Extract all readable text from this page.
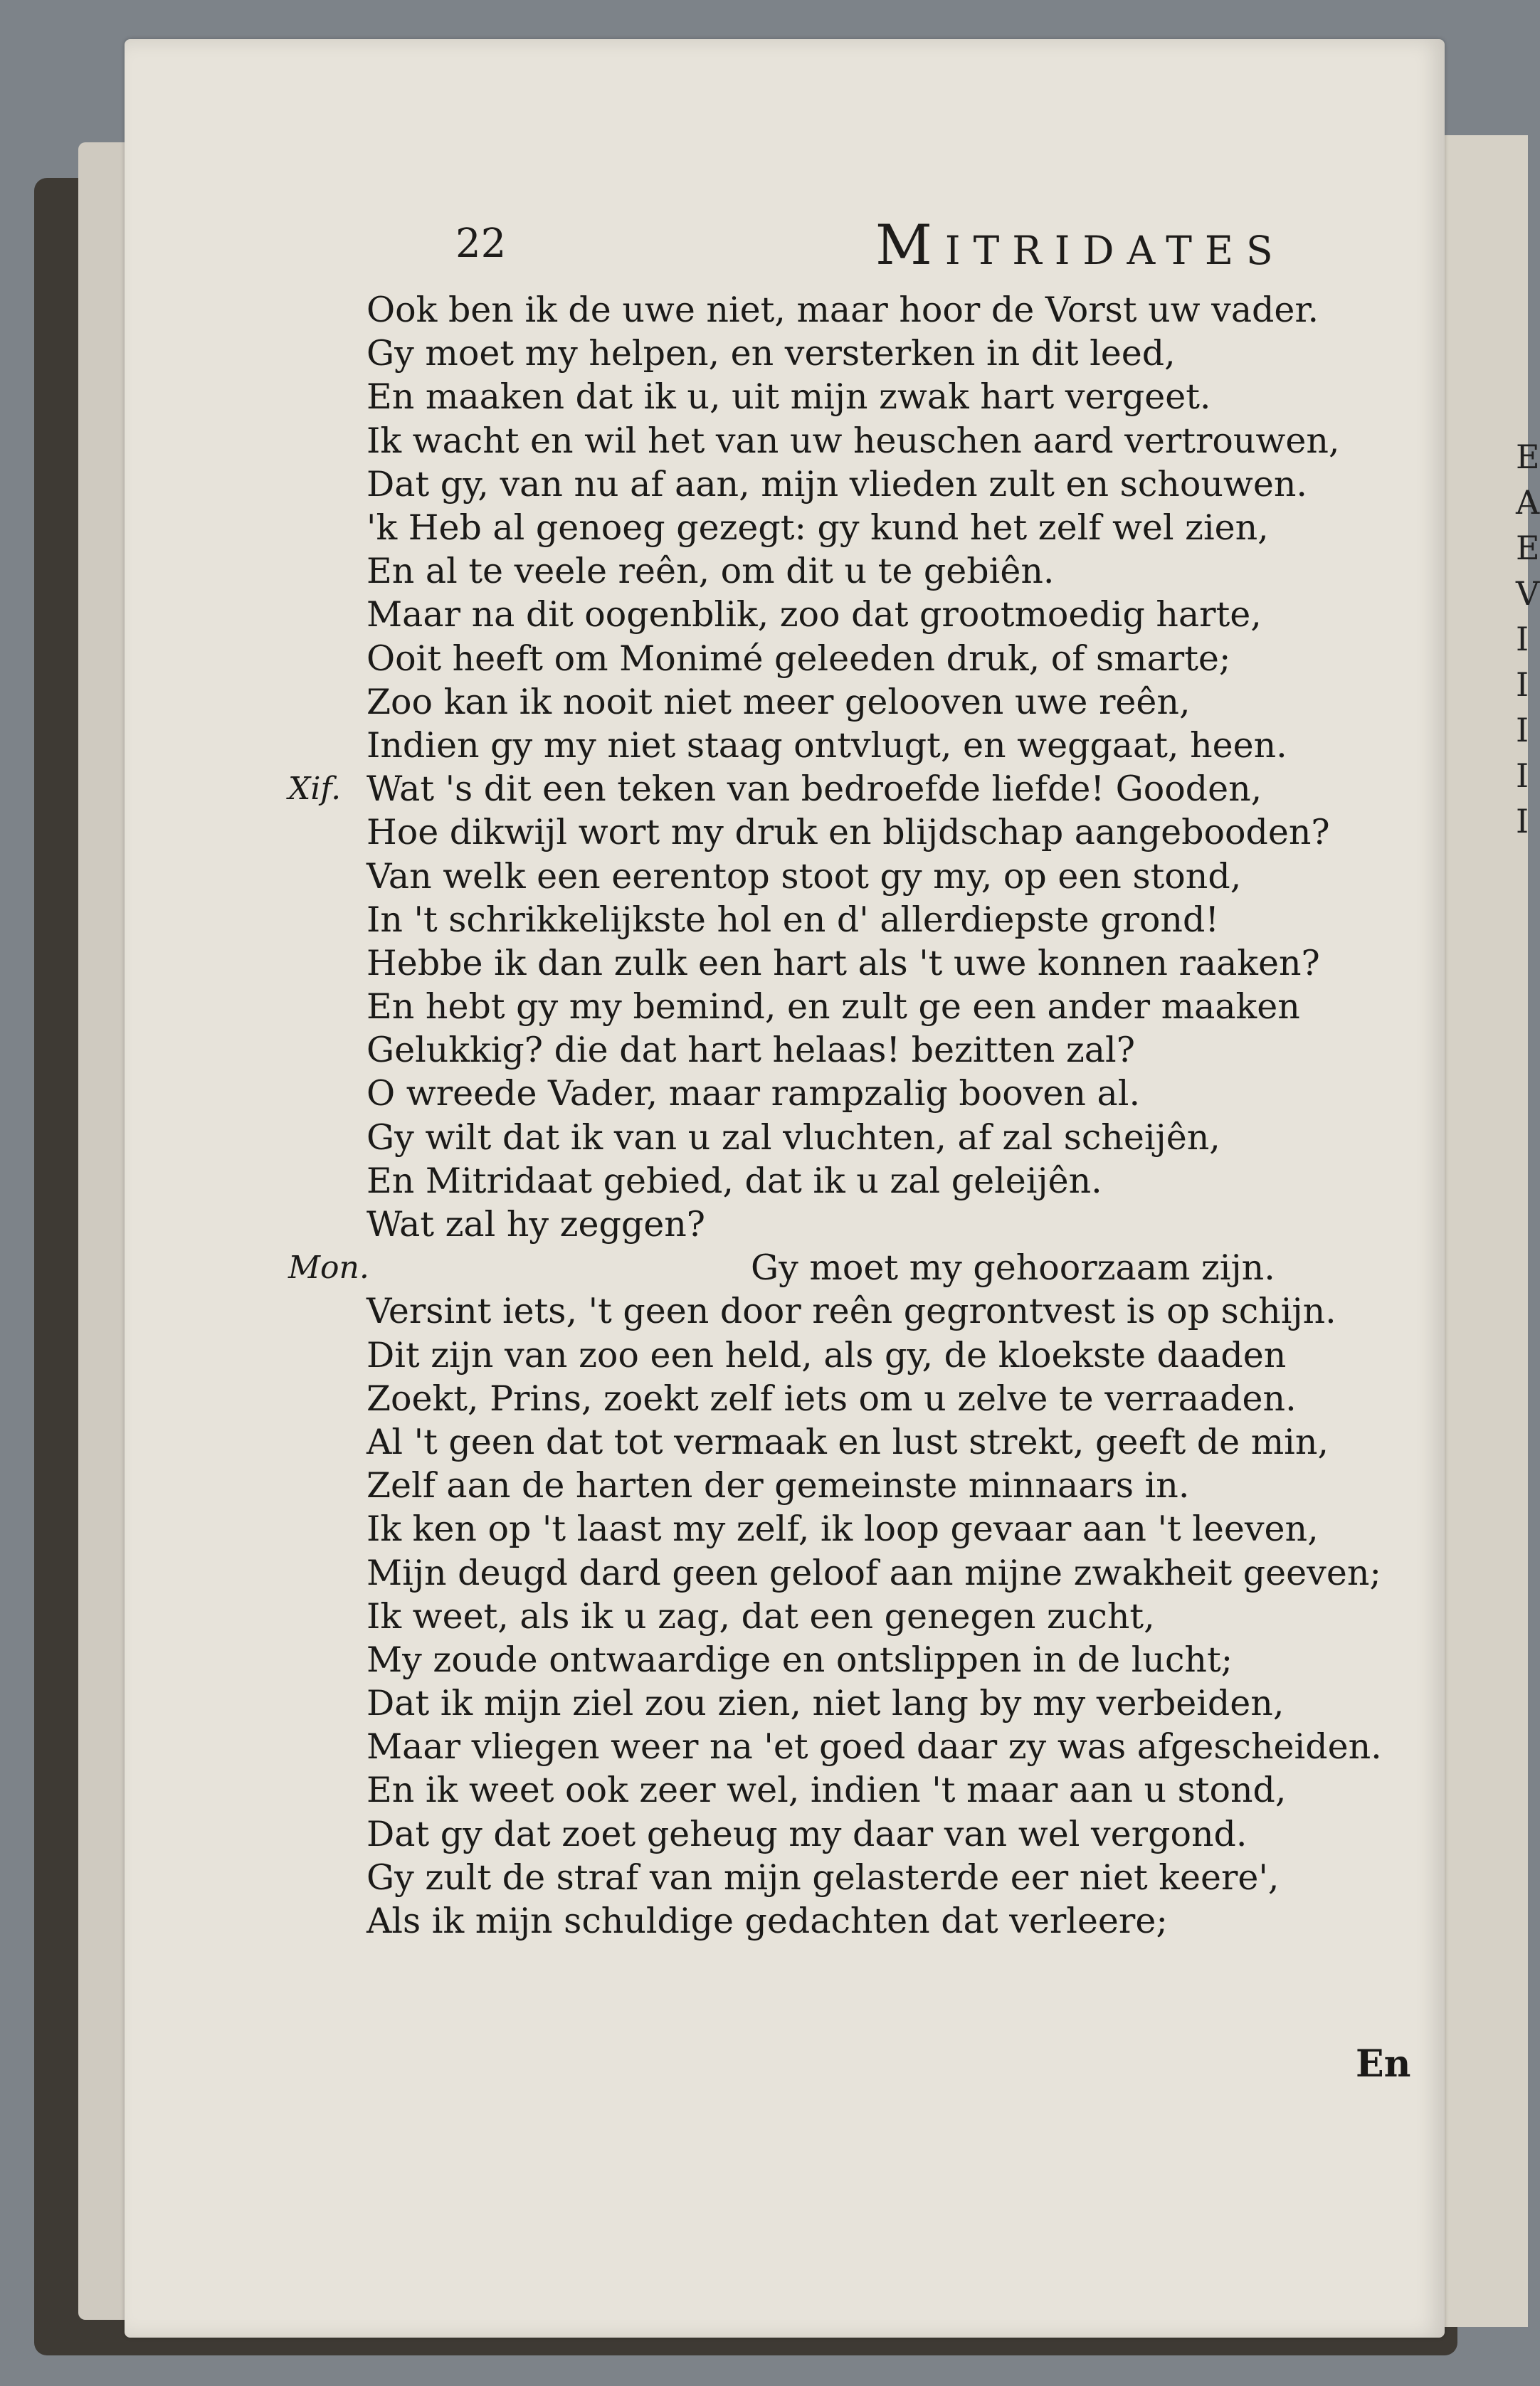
E
A
E
V
I
I
I
I
I
22	Mitridates
Ook ben ik de uwe niet, maar hoor de Vorst uw vader.
Gy moet my helpen, en versterken in dit leed,
En maaken dat ik u, uit mijn zwak hart vergeet.
Ik wacht en wil het van uw heuschen aard vertrouwen,
Dat gy, van nu af aan, mijn vlieden zult en schouwen.
'k Heb al genoeg gezegt: gy kund het zelf wel zien,
En al te veele reên, om dit u te gebiên.
Maar na dit oogenblik, zoo dat grootmoedig harte,
Ooit heeft om Monimé geleeden druk, of smarte;
Zoo kan ik nooit niet meer gelooven uwe reên,
Indien gy my niet staag ontvlugt, en weggaat, heen.
Xif. Wat 's dit een teken van bedroefde liefde! Gooden,
Hoe dikwijl wort my druk en blijdschap aangebooden?
Van welk een eerentop stoot gy my, op een stond,
In 't schrikkelijkste hol en d' allerdiepste grond!
Hebbe ik dan zulk een hart als 't uwe konnen raaken?
En hebt gy my bemind, en zult ge een ander maaken
Gelukkig? die dat hart helaas! bezitten zal?
O wreede Vader, maar rampzalig booven al.
Gy wilt dat ik van u zal vluchten, af zal scheijên,
En Mitridaat gebied, dat ik u zal geleijên.
Wat zal hy zeggen?
Mon.	Gy moet my gehoorzaam zijn.
Versint iets, 't geen door reên gegrontvest is op schijn.
Dit zijn van zoo een held, als gy, de kloekste daaden
Zoekt, Prins, zoekt zelf iets om u zelve te verraaden.
Al 't geen dat tot vermaak en lust strekt, geeft de min,
Zelf aan de harten der gemeinste minnaars in.
Ik ken op 't laast my zelf, ik loop gevaar aan 't leeven,
Mijn deugd dard geen geloof aan mijne zwakheit geeven;
Ik weet, als ik u zag, dat een genegen zucht,
My zoude ontwaardige en ontslippen in de lucht;
Dat ik mijn ziel zou zien, niet lang by my verbeiden,
Maar vliegen weer na 'et goed daar zy was afgescheiden.
En ik weet ook zeer wel, indien 't maar aan u stond,
Dat gy dat zoet geheug my daar van wel vergond.
Gy zult de straf van mijn gelasterde eer niet keere',
Als ik mijn schuldige gedachten dat verleere;
En
